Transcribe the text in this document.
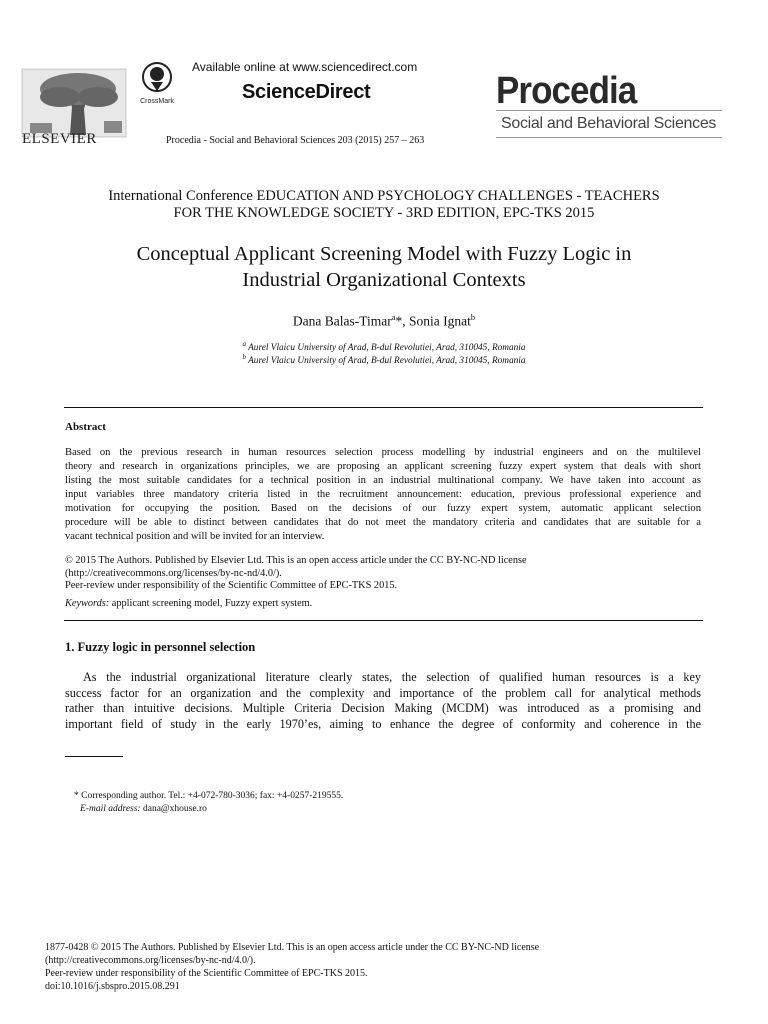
ELSEVIER
CrossMark
Available online at www.sciencedirect.com
ScienceDirect
Procedia - Social and Behavioral Sciences 203 (2015) 257 – 263
Procedia
Social and Behavioral Sciences
International Conference EDUCATION AND PSYCHOLOGY CHALLENGES - TEACHERS
FOR THE KNOWLEDGE SOCIETY - 3RD EDITION, EPC-TKS 2015
Conceptual Applicant Screening Model with Fuzzy Logic in
Industrial Organizational Contexts
Dana Balas-Timar$^a$*, Sonia Ignat$^b$
$^a$ Aurel Vlaicu University of Arad, B-dul Revolutiei, Arad, 310045, Romania
$^b$ Aurel Vlaicu University of Arad, B-dul Revolutiei, Arad, 310045, Romania
Abstract
Based on the previous research in human resources selection process modelling by industrial engineers and on the multilevel
theory and research in organizations principles, we are proposing an applicant screening fuzzy expert system that deals with short
listing the most suitable candidates for a technical position in an industrial multinational company. We have taken into account as
input variables three mandatory criteria listed in the recruitment announcement: education, previous professional experience and
motivation for occupying the position. Based on the decisions of our fuzzy expert system, automatic applicant selection
procedure will be able to distinct between candidates that do not meet the mandatory criteria and candidates that are suitable for a
vacant technical position and will be invited for an interview.
© 2015 The Authors. Published by Elsevier Ltd. This is an open access article under the CC BY-NC-ND license
(http://creativecommons.org/licenses/by-nc-nd/4.0/).
Peer-review under responsibility of the Scientific Committee of EPC-TKS 2015.
Keywords: applicant screening model, Fuzzy expert system.
1. Fuzzy logic in personnel selection
As the industrial organizational literature clearly states, the selection of qualified human resources is a key
success factor for an organization and the complexity and importance of the problem call for analytical methods
rather than intuitive decisions. Multiple Criteria Decision Making (MCDM) was introduced as a promising and
important field of study in the early 1970’es, aiming to enhance the degree of conformity and coherence in the
* Corresponding author. Tel.: +4-072-780-3036; fax: +4-0257-219555.
E-mail address: dana@xhouse.ro
1877-0428 © 2015 The Authors. Published by Elsevier Ltd. This is an open access article under the CC BY-NC-ND license
(http://creativecommons.org/licenses/by-nc-nd/4.0/).
Peer-review under responsibility of the Scientific Committee of EPC-TKS 2015.
doi:10.1016/j.sbspro.2015.08.291
